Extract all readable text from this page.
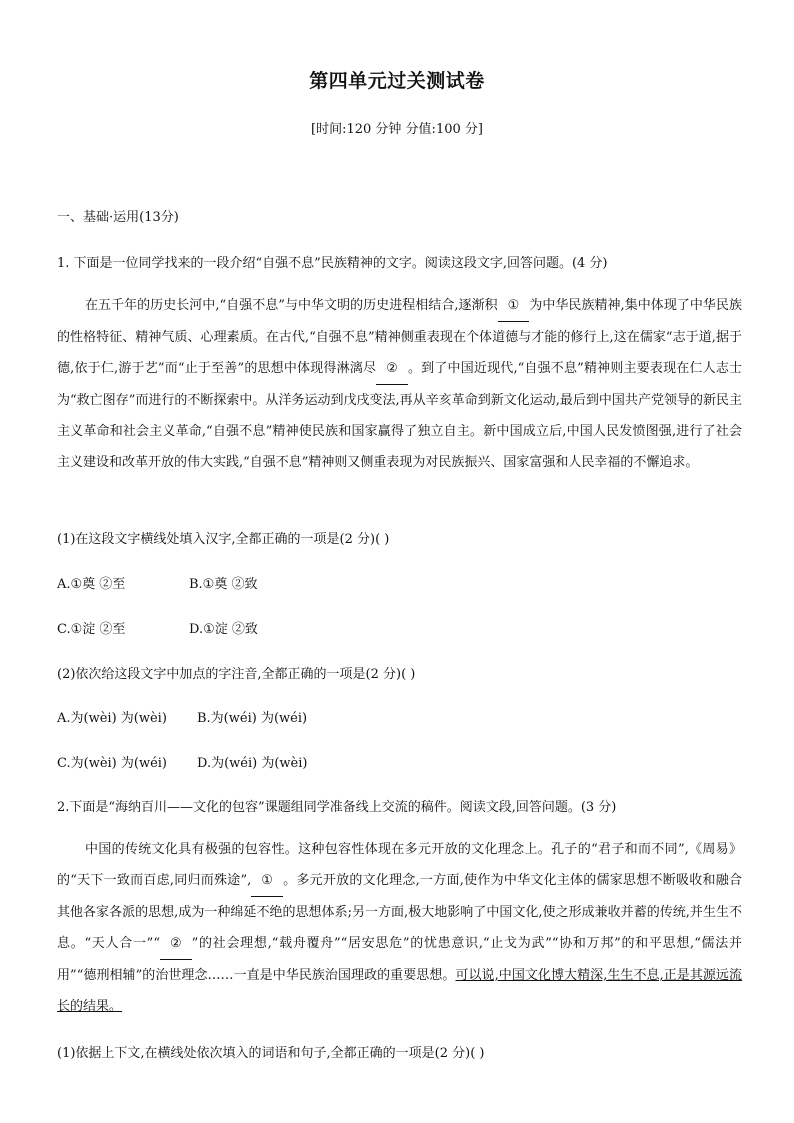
第四单元过关测试卷
[时间:120 分钟 分值:100 分]
一、基础·运用(13分)
1. 下面是一位同学找来的一段介绍“自强不息”民族精神的文字。阅读这段文字,回答问题。(4 分)
在五千年的历史长河中,“自强不息”与中华文明的历史进程相结合,逐渐积 ① 为中华民族精神,集中体现了中华民族的性格特征、精神气质、心理素质。在古代,“自强不息”精神侧重表现在个体道德与才能的修行上,这在儒家“志于道,据于德,依于仁,游于艺”而“止于至善”的思想中体现得淋漓尽 ② 。到了中国近现代,“自强不息”精神则主要表现在仁人志士为“救亡图存”而进行的不断探索中。从洋务运动到戊戌变法,再从辛亥革命到新文化运动,最后到中国共产党领导的新民主主义革命和社会主义革命,“自强不息”精神使民族和国家赢得了独立自主。新中国成立后,中国人民发愤图强,进行了社会主义建设和改革开放的伟大实践,“自强不息”精神则又侧重表现为对民族振兴、国家富强和人民幸福的不懈追求。
(1)在这段文字横线处填入汉字,全都正确的一项是(2 分)( )
A.①奠 ②至	B.①奠 ②致
C.①淀 ②至	D.①淀 ②致
(2)依次给这段文字中加点的字注音,全都正确的一项是(2 分)( )
A.为(wèi) 为(wèi) B.为(wéi) 为(wéi)
C.为(wèi) 为(wéi) D.为(wéi) 为(wèi)
2.下面是“海纳百川——文化的包容”课题组同学准备线上交流的稿件。阅读文段,回答问题。(3 分)
中国的传统文化具有极强的包容性。这种包容性体现在多元开放的文化理念上。孔子的“君子和而不同”,《周易》的“天下一致而百虑,同归而殊途”, ① 。多元开放的文化理念,一方面,使作为中华文化主体的儒家思想不断吸收和融合其他各家各派的思想,成为一种绵延不绝的思想体系;另一方面,极大地影响了中国文化,使之形成兼收并蓄的传统,并生生不息。“天人合一”“ ② ”的社会理想,“载舟覆舟”“居安思危”的忧患意识,“止戈为武”“协和万邦”的和平思想,“儒法并用”“德刑相辅”的治世理念……一直是中华民族治国理政的重要思想。可以说,中国文化博大精深,生生不息,正是其源远流长的结果。
(1)依据上下文,在横线处依次填入的词语和句子,全都正确的一项是(2 分)( )
